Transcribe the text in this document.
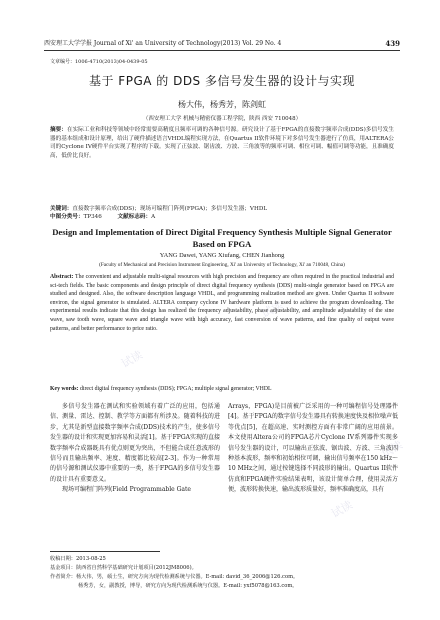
西安理工大学学报 Journal of Xi' an University of Technology(2013) Vol. 29 No. 4	439
文章编号：1006-4710(2013)04-0439-05
基于 FPGA 的 DDS 多信号发生器的设计与实现
杨大伟，杨秀芳，陈剑虹
（西安理工大学 机械与精密仪器工程学院，陕西 西安 710048）
摘要：在实际工业和科技等领域中经常需要高精度且频率可调的各种信号源。研究设计了基于FPGA的直接数字频率合成(DDS)多信号发生器的基本组成和设计原理，给出了硬件描述语言VHDL编程实现方法，在Quartus II软件环境下对多信号发生器进行了仿真，用ALTERA公司的Cyclone IV硬件平台实现了程序的下载。实现了正弦波、锯齿波、方波、三角波等的频率可调、相位可调、幅值可调等功能，且准确度高，低价比良好。
关键词：直接数字频率合成(DDS)；现场可编程门阵列(FPGA)；多信号发生器；VHDL
中图分类号：TP346	文献标志码：A
Design and Implementation of Direct Digital Frequency Synthesis Multiple Signal Generator Based on FPGA
YANG Dawei, YANG Xiufang, CHEN Jianhong
(Faculty of Mechanical and Precision Instrument Engineering, Xi' an University of Technology, Xi' an 710048, China)
Abstract: The convenient and adjustable multi-signal resources with high precision and frequency are often required in the practical industrial and sci-tech fields. The basic components and design principle of direct digital frequency synthesis (DDS) multi-single generator based on FPGA are studied and designed. Also, the software description language VHDL, and programming realization method are given. Under Quartus II software environ, the signal generator is simulated. ALTERA company cyclone IV hardware platform is used to achieve the program downloading. The experimental results indicate that this design has realized the frequency adjustability, phase adjustability, and amplitude adjustability of the sine wave, saw tooth wave, square wave and triangle wave with high accuracy, fast conversion of wave patterns, and fine quality of output wave patterns, and better performance to price ratio.
Key words: direct digital frequency synthesis (DDS); FPGA; multiple signal generator; VHDL

多信号发生器在测试和实验领域有着广泛的应用，包括通信、测量、雷达、控制、教学等方面都有所涉及。随着科技的进步，尤其是新型直接数字频率合成(DDS)技术的产生，使多信号发生器的设计和实现更加容易和灵活[1]。基于FPGA实现的直接数字频率合成器既具有优点则更为突出，不但能合成任意波形的信号而且输出频率、速度、精度都比较高[2-3]。作为一种常用的信号源和测试仪器中重要的一类，基于FPGA的多信号发生器的设计具有重要意义。

现场可编程门阵列(Field Programmable Gate

Arrays，FPGA)是目前被广泛采用的一种可编程信号处理器件[4]。基于FPGA的数字信号发生器具有转换速度快及相位噪声低等优点[5]，在超高速、实时测控方面有非常广阔的应用前景。本文使用Altera公司的FPGA芯片Cyclone IV系列器件实现多信号发生器的设计，可以输出正弦波、锯齿波、方波、三角波四种基本波形，频率和初始相位可调，输出信号频率在150 kHz～10 MHz之间，通过按键选择不同波形的输出。Quartus II软件仿真和FPGA硬件实验结果表明，该设计简单合理，使用灵活方便，波形转换快速，输出波形质量好，频率准确度高，具有

收稿日期：2013-08-25
基金项目：陕西省自然科学基础研究计划项目(2012JM8006)。
作者简介：杨大伟，男，硕士生，研究方向为现代检测系统与仪器。E-mail: david_36_2006@126.com。
杨秀芳，女，副教授，博导，研究方向为现代检测系统与仪器。E-mail: yxf5078@163.com。
试读
试读
试读
试读
